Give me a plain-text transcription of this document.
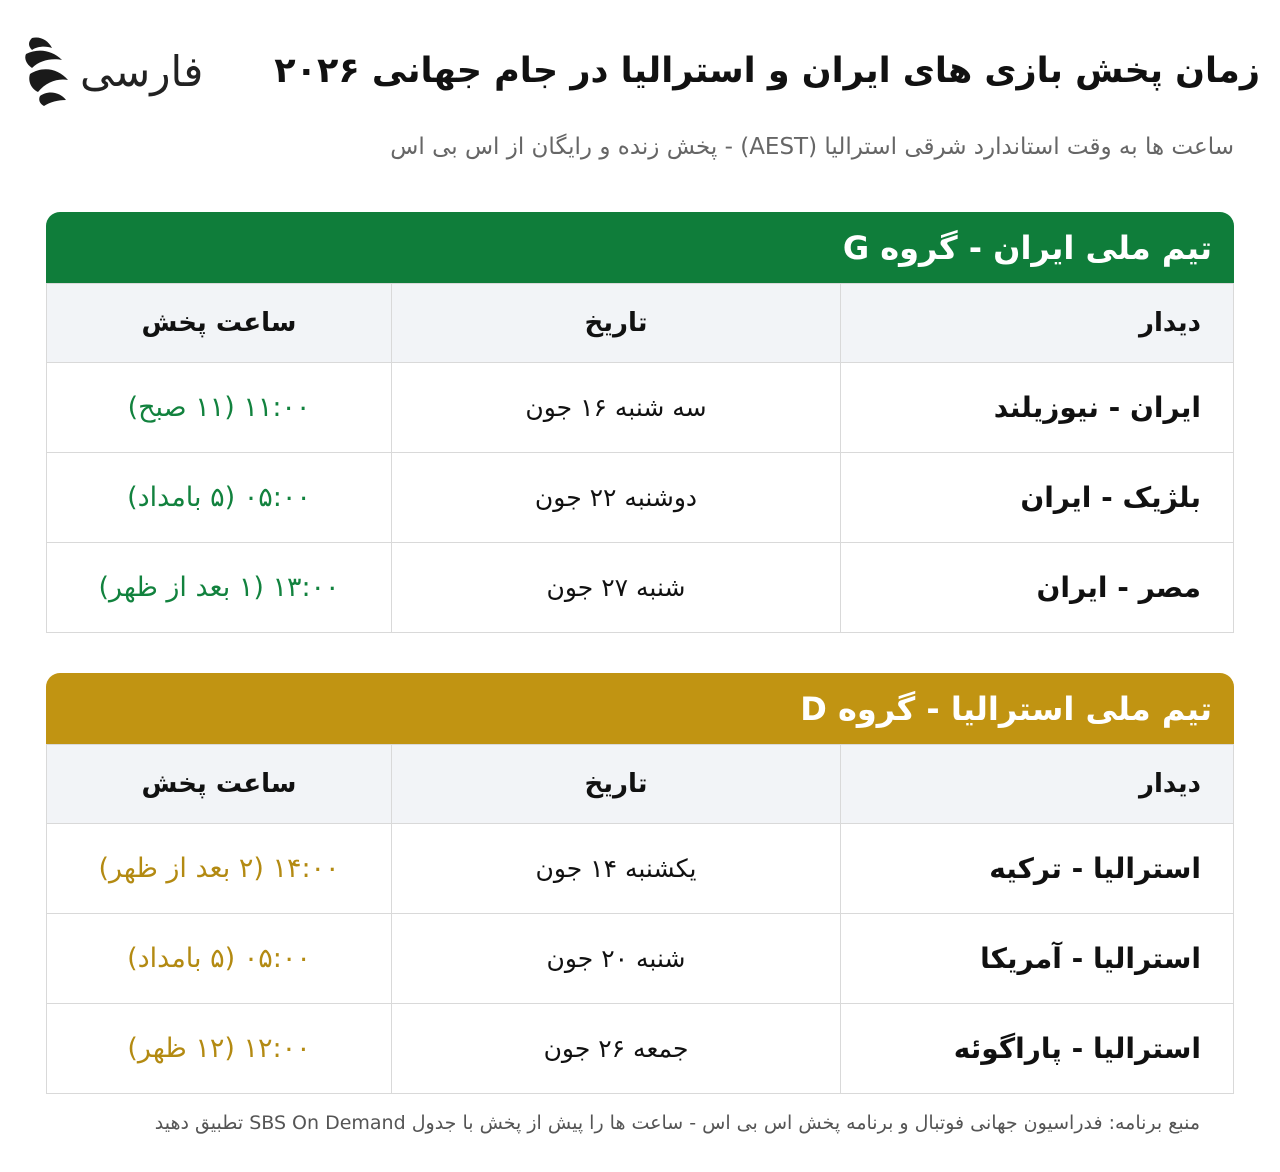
فارسی زمان پخش بازی های ایران و استرالیا در جام جهانی ۲۰۲۶
ساعت ها به وقت استاندارد شرقی استرالیا (AEST) - پخش زنده و رایگان از اس بی اس
تیم ملی ایران - گروه G
دیدار	تاریخ	ساعت پخش
ایران - نیوزیلند	سه شنبه ۱۶ جون	۱۱:۰۰ (۱۱ صبح)
بلژیک - ایران	دوشنبه ۲۲ جون	۰۵:۰۰ (۵ بامداد)
مصر - ایران	شنبه ۲۷ جون	۱۳:۰۰ (۱ بعد از ظهر)
تیم ملی استرالیا - گروه D
دیدار	تاریخ	ساعت پخش
استرالیا - ترکیه	یکشنبه ۱۴ جون	۱۴:۰۰ (۲ بعد از ظهر)
استرالیا - آمریکا	شنبه ۲۰ جون	۰۵:۰۰ (۵ بامداد)
استرالیا - پاراگوئه	جمعه ۲۶ جون	۱۲:۰۰ (۱۲ ظهر)
منبع برنامه: فدراسیون جهانی فوتبال و برنامه پخش اس بی اس - ساعت ها را پیش از پخش با جدول SBS On Demand تطبیق دهید
